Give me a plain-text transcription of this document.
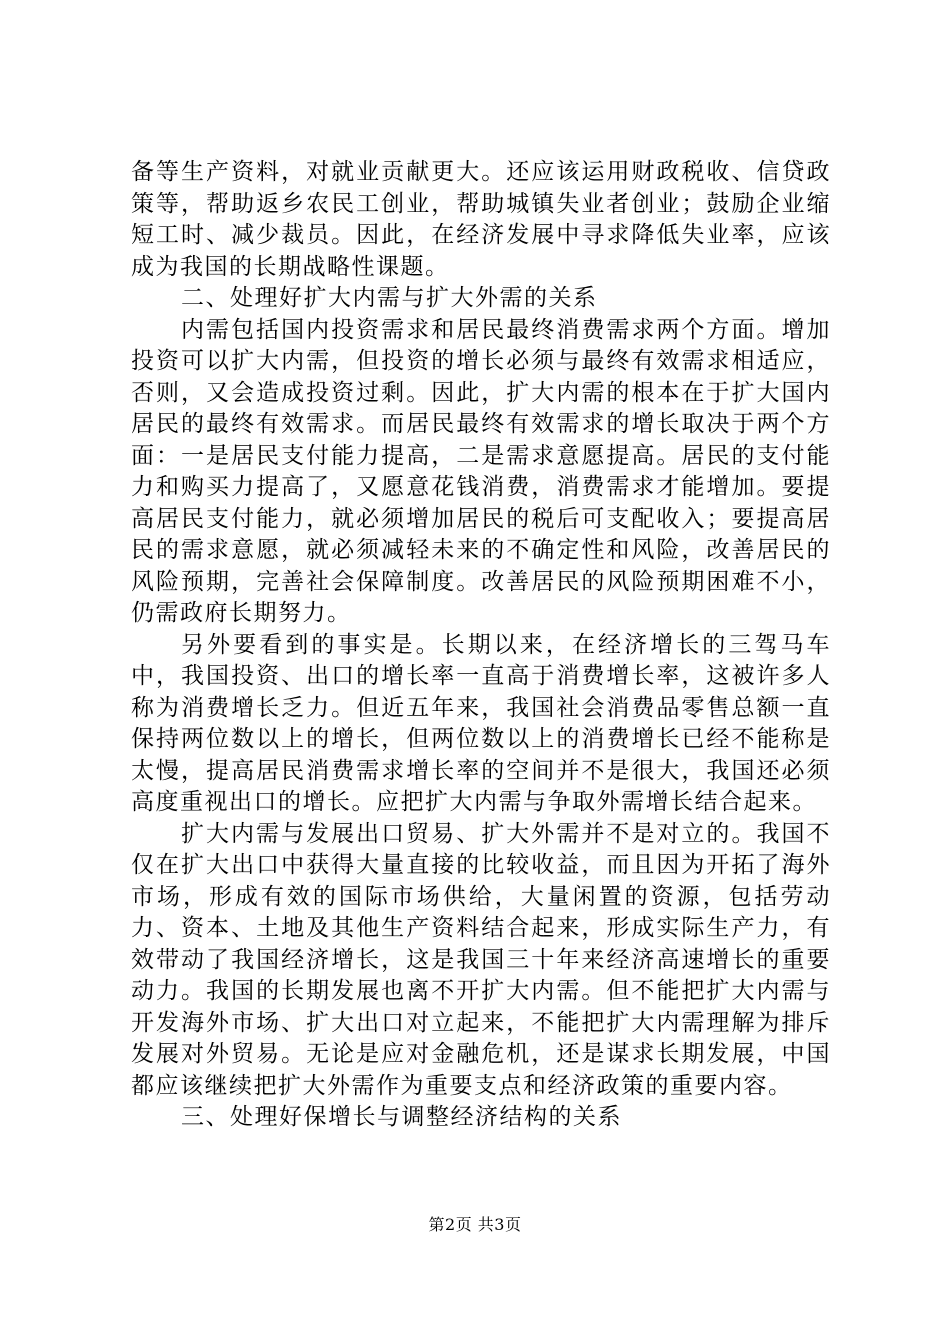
备等生产资料，对就业贡献更大。还应该运用财政税收、信贷政策等，帮助返乡农民工创业，帮助城镇失业者创业；鼓励企业缩短工时、减少裁员。因此，在经济发展中寻求降低失业率，应该成为我国的长期战略性课题。

二、处理好扩大内需与扩大外需的关系

内需包括国内投资需求和居民最终消费需求两个方面。增加投资可以扩大内需，但投资的增长必须与最终有效需求相适应，否则，又会造成投资过剩。因此，扩大内需的根本在于扩大国内居民的最终有效需求。而居民最终有效需求的增长取决于两个方面：一是居民支付能力提高，二是需求意愿提高。居民的支付能力和购买力提高了，又愿意花钱消费，消费需求才能增加。要提高居民支付能力，就必须增加居民的税后可支配收入；要提高居民的需求意愿，就必须减轻未来的不确定性和风险，改善居民的风险预期，完善社会保障制度。改善居民的风险预期困难不小，仍需政府长期努力。

另外要看到的事实是。长期以来，在经济增长的三驾马车中，我国投资、出口的增长率一直高于消费增长率，这被许多人称为消费增长乏力。但近五年来，我国社会消费品零售总额一直保持两位数以上的增长，但两位数以上的消费增长已经不能称是太慢，提高居民消费需求增长率的空间并不是很大，我国还必须高度重视出口的增长。应把扩大内需与争取外需增长结合起来。

扩大内需与发展出口贸易、扩大外需并不是对立的。我国不仅在扩大出口中获得大量直接的比较收益，而且因为开拓了海外市场，形成有效的国际市场供给，大量闲置的资源，包括劳动力、资本、土地及其他生产资料结合起来，形成实际生产力，有效带动了我国经济增长，这是我国三十年来经济高速增长的重要动力。我国的长期发展也离不开扩大内需。但不能把扩大内需与开发海外市场、扩大出口对立起来，不能把扩大内需理解为排斥发展对外贸易。无论是应对金融危机，还是谋求长期发展，中国都应该继续把扩大外需作为重要支点和经济政策的重要内容。

三、处理好保增长与调整经济结构的关系

第2页 共3页
